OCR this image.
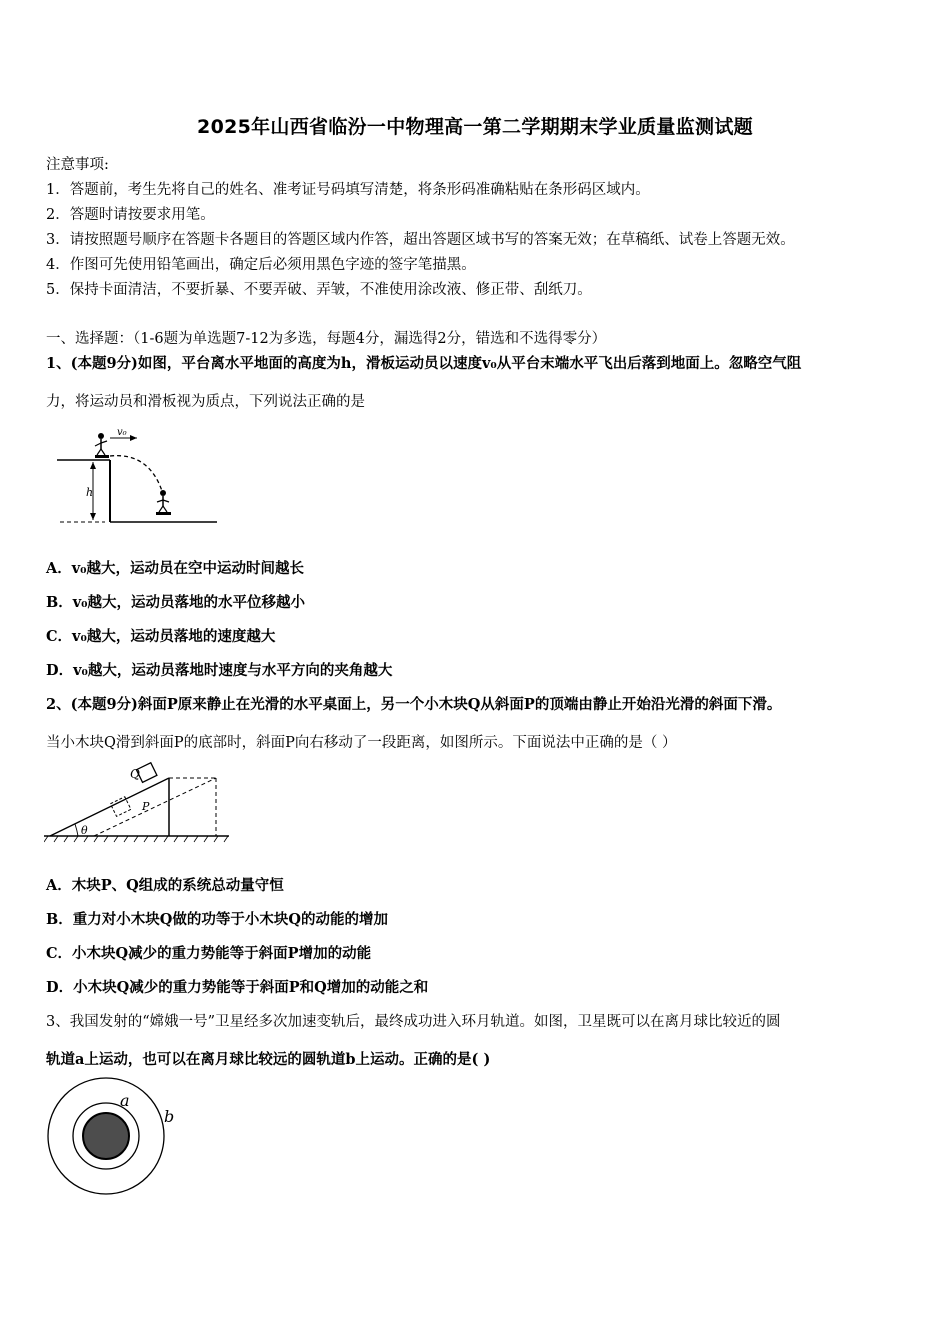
2025年山西省临汾一中物理高一第二学期期末学业质量监测试题
注意事项:
1．答题前，考生先将自己的姓名、准考证号码填写清楚，将条形码准确粘贴在条形码区域内。
2．答题时请按要求用笔。
3．请按照题号顺序在答题卡各题目的答题区域内作答，超出答题区域书写的答案无效；在草稿纸、试卷上答题无效。
4．作图可先使用铅笔画出，确定后必须用黑色字迹的签字笔描黑。
5．保持卡面清洁，不要折暴、不要弄破、弄皱，不准使用涂改液、修正带、刮纸刀。
一、选择题：（1-6题为单选题7-12为多选，每题4分，漏选得2分，错选和不选得零分）
1、(本题9分)如图，平台离水平地面的高度为h，滑板运动员以速度v₀从平台末端水平飞出后落到地面上。忽略空气阻
力，将运动员和滑板视为质点，下列说法正确的是
h
v₀
A．v₀越大，运动员在空中运动时间越长
B．v₀越大，运动员落地的水平位移越小
C．v₀越大，运动员落地的速度越大
D．v₀越大，运动员落地时速度与水平方向的夹角越大
2、(本题9分)斜面P原来静止在光滑的水平桌面上，另一个小木块Q从斜面P的顶端由静止开始沿光滑的斜面下滑。
当小木块Q滑到斜面P的底部时，斜面P向右移动了一段距离，如图所示。下面说法中正确的是（ ）
Q
P
θ
A．木块P、Q组成的系统总动量守恒
B．重力对小木块Q做的功等于小木块Q的动能的增加
C．小木块Q减少的重力势能等于斜面P增加的动能
D．小木块Q减少的重力势能等于斜面P和Q增加的动能之和
3、我国发射的“嫦娥一号”卫星经多次加速变轨后，最终成功进入环月轨道。如图，卫星既可以在离月球比较近的圆
轨道a上运动，也可以在离月球比较远的圆轨道b上运动。正确的是( )
a
b
